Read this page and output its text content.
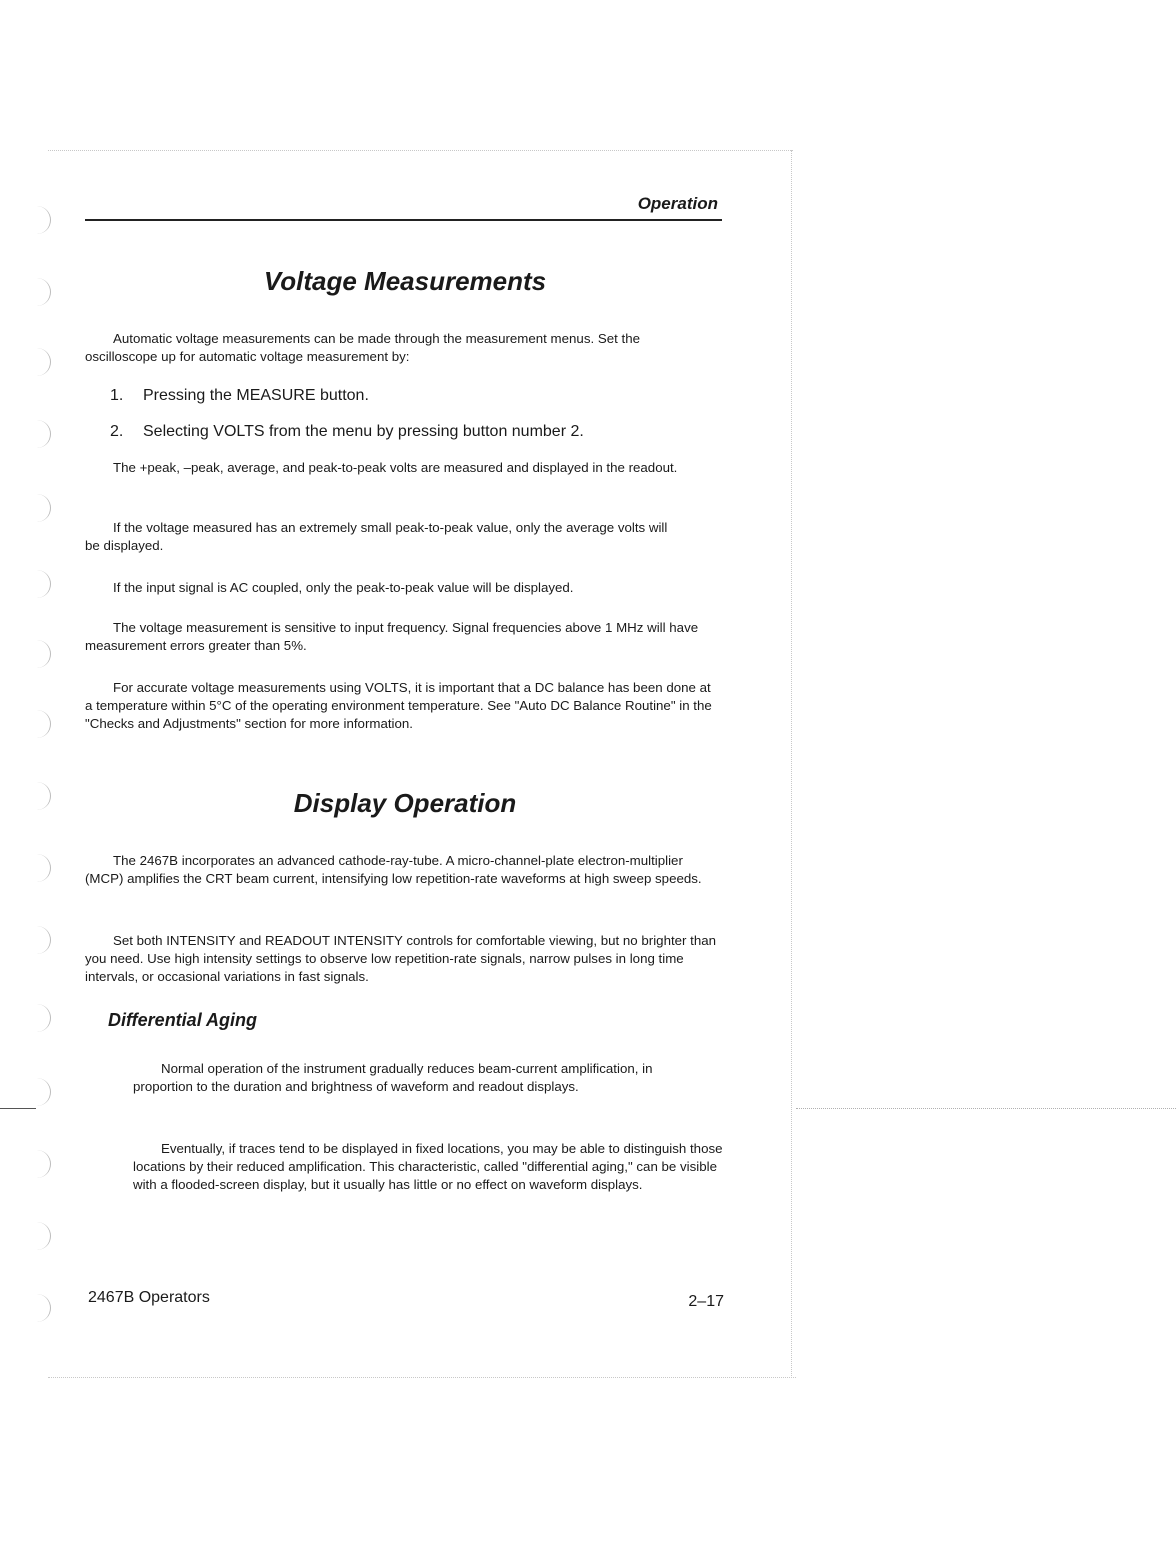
Operation
Voltage Measurements

Automatic voltage measurements can be made through the measurement menus. Set the oscilloscope up for automatic voltage measurement by:

1. Pressing the MEASURE button.
2. Selecting VOLTS from the menu by pressing button number 2.

The +peak, –peak, average, and peak-to-peak volts are measured and displayed in the readout.

If the voltage measured has an extremely small peak-to-peak value, only the average volts will be displayed.

If the input signal is AC coupled, only the peak-to-peak value will be displayed.

The voltage measurement is sensitive to input frequency. Signal frequencies above 1 MHz will have measurement errors greater than 5%.

For accurate voltage measurements using VOLTS, it is important that a DC balance has been done at a temperature within 5°C of the operating environment temperature. See "Auto DC Balance Routine" in the "Checks and Adjustments" section for more information.

Display Operation

The 2467B incorporates an advanced cathode-ray-tube. A micro-channel-plate electron-multiplier (MCP) amplifies the CRT beam current, intensifying low repetition-rate waveforms at high sweep speeds.

Set both INTENSITY and READOUT INTENSITY controls for comfortable viewing, but no brighter than you need. Use high intensity settings to observe low repetition-rate signals, narrow pulses in long time intervals, or occasional variations in fast signals.

Differential Aging

Normal operation of the instrument gradually reduces beam-current amplification, in proportion to the duration and brightness of waveform and readout displays.

Eventually, if traces tend to be displayed in fixed locations, you may be able to distinguish those locations by their reduced amplification. This characteristic, called "differential aging," can be visible with a flooded-screen display, but it usually has little or no effect on waveform displays.

2467B Operators	2–17
